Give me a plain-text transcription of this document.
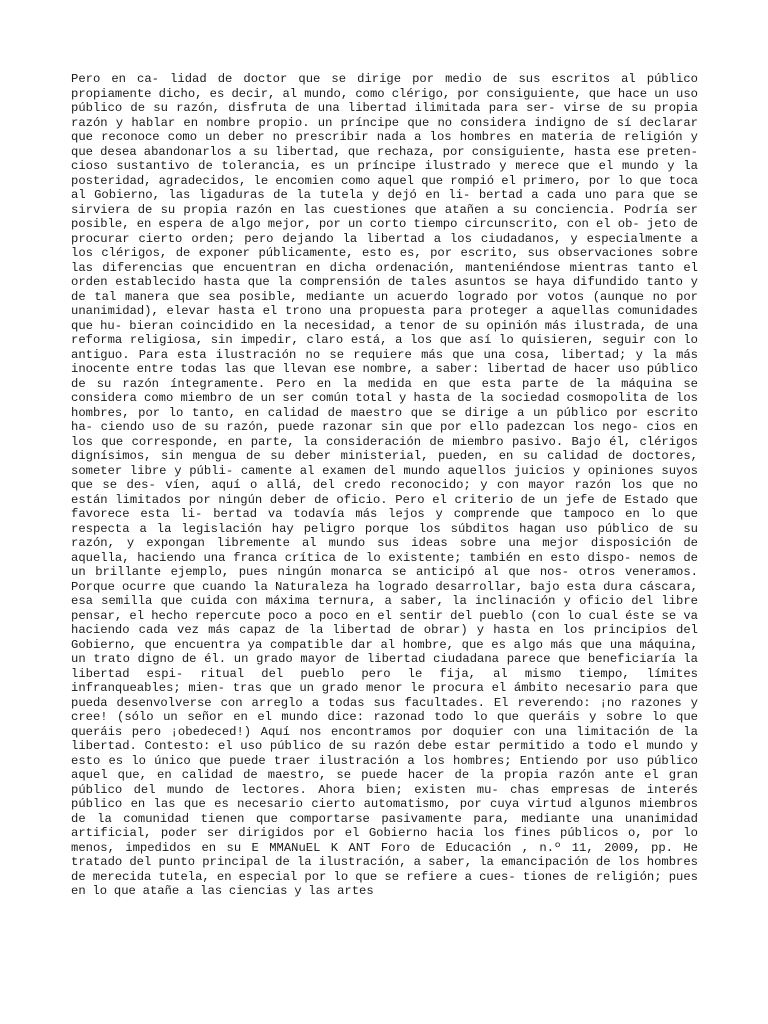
Pero en ca- lidad de doctor que se dirige por medio de sus escritos al público propiamente dicho, es decir, al mundo, como clérigo, por consiguiente, que hace un uso público de su razón, disfruta de una libertad ilimitada para ser- virse de su propia razón y hablar en nombre propio. un príncipe que no considera indigno de sí declarar que reconoce como un deber no prescribir nada a los hombres en materia de religión y que desea abandonarlos a su libertad, que rechaza, por consiguiente, hasta ese preten- cioso sustantivo de tolerancia, es un príncipe ilustrado y merece que el mundo y la posteridad, agradecidos, le encomien como aquel que rompió el primero, por lo que toca al Gobierno, las ligaduras de la tutela y dejó en li- bertad a cada uno para que se sirviera de su propia razón en las cuestiones que atañen a su conciencia. Podría ser posible, en espera de algo mejor, por un corto tiempo circunscrito, con el ob- jeto de procurar cierto orden; pero dejando la libertad a los ciudadanos, y especialmente a los clérigos, de exponer públicamente, esto es, por escrito, sus observaciones sobre las diferencias que encuentran en dicha ordenación, manteniéndose mientras tanto el orden establecido hasta que la comprensión de tales asuntos se haya difundido tanto y de tal manera que sea posible, mediante un acuerdo logrado por votos (aunque no por unanimidad), elevar hasta el trono una propuesta para proteger a aquellas comunidades que hu- bieran coincidido en la necesidad, a tenor de su opinión más ilustrada, de una reforma religiosa, sin impedir, claro está, a los que así lo quisieren, seguir con lo antiguo. Para esta ilustración no se requiere más que una cosa, libertad; y la más inocente entre todas las que llevan ese nombre, a saber: libertad de hacer uso público de su razón íntegramente. Pero en la medida en que esta parte de la máquina se considera como miembro de un ser común total y hasta de la sociedad cosmopolita de los hombres, por lo tanto, en calidad de maestro que se dirige a un público por escrito ha- ciendo uso de su razón, puede razonar sin que por ello padezcan los nego- cios en los que corresponde, en parte, la consideración de miembro pasivo. Bajo él, clérigos dignísimos, sin mengua de su deber ministerial, pueden, en su calidad de doctores, someter libre y públi- camente al examen del mundo aquellos juicios y opiniones suyos que se des- víen, aquí o allá, del credo reconocido; y con mayor razón los que no están limitados por ningún deber de oficio. Pero el criterio de un jefe de Estado que favorece esta li- bertad va todavía más lejos y comprende que tampoco en lo que respecta a la legislación hay peligro porque los súbditos hagan uso público de su razón, y expongan libremente al mundo sus ideas sobre una mejor disposición de aquella, haciendo una franca crítica de lo existente; también en esto dispo- nemos de un brillante ejemplo, pues ningún monarca se anticipó al que nos- otros veneramos. Porque ocurre que cuando la Naturaleza ha logrado desarrollar, bajo esta dura cáscara, esa semilla que cuida con máxima ternura, a saber, la inclinación y oficio del libre pensar, el hecho repercute poco a poco en el sentir del pueblo (con lo cual éste se va haciendo cada vez más capaz de la libertad de obrar) y hasta en los principios del Gobierno, que encuentra ya compatible dar al hombre, que es algo más que una máquina, un trato digno de él. un grado mayor de libertad ciudadana parece que beneficiaría la libertad espi- ritual del pueblo pero le fija, al mismo tiempo, límites infranqueables; mien- tras que un grado menor le procura el ámbito necesario para que pueda desenvolverse con arreglo a todas sus facultades. El reverendo: ¡no razones y cree! (sólo un señor en el mundo dice: razonad todo lo que queráis y sobre lo que queráis pero ¡obedeced!) Aquí nos encontramos por doquier con una limitación de la libertad. Contesto: el uso público de su razón debe estar permitido a todo el mundo y esto es lo único que puede traer ilustración a los hombres; Entiendo por uso público aquel que, en calidad de maestro, se puede hacer de la propia razón ante el gran público del mundo de lectores. Ahora bien; existen mu- chas empresas de interés público en las que es necesario cierto automatismo, por cuya virtud algunos miembros de la comunidad tienen que comportarse pasivamente para, mediante una unanimidad artificial, poder ser dirigidos por el Gobierno hacia los fines públicos o, por lo menos, impedidos en su E MMANuEL K ANT Foro de Educación , n.º 11, 2009, pp. He tratado del punto principal de la ilustración, a saber, la emancipación de los hombres de merecida tutela, en especial por lo que se refiere a cues- tiones de religión; pues en lo que atañe a las ciencias y las artes
